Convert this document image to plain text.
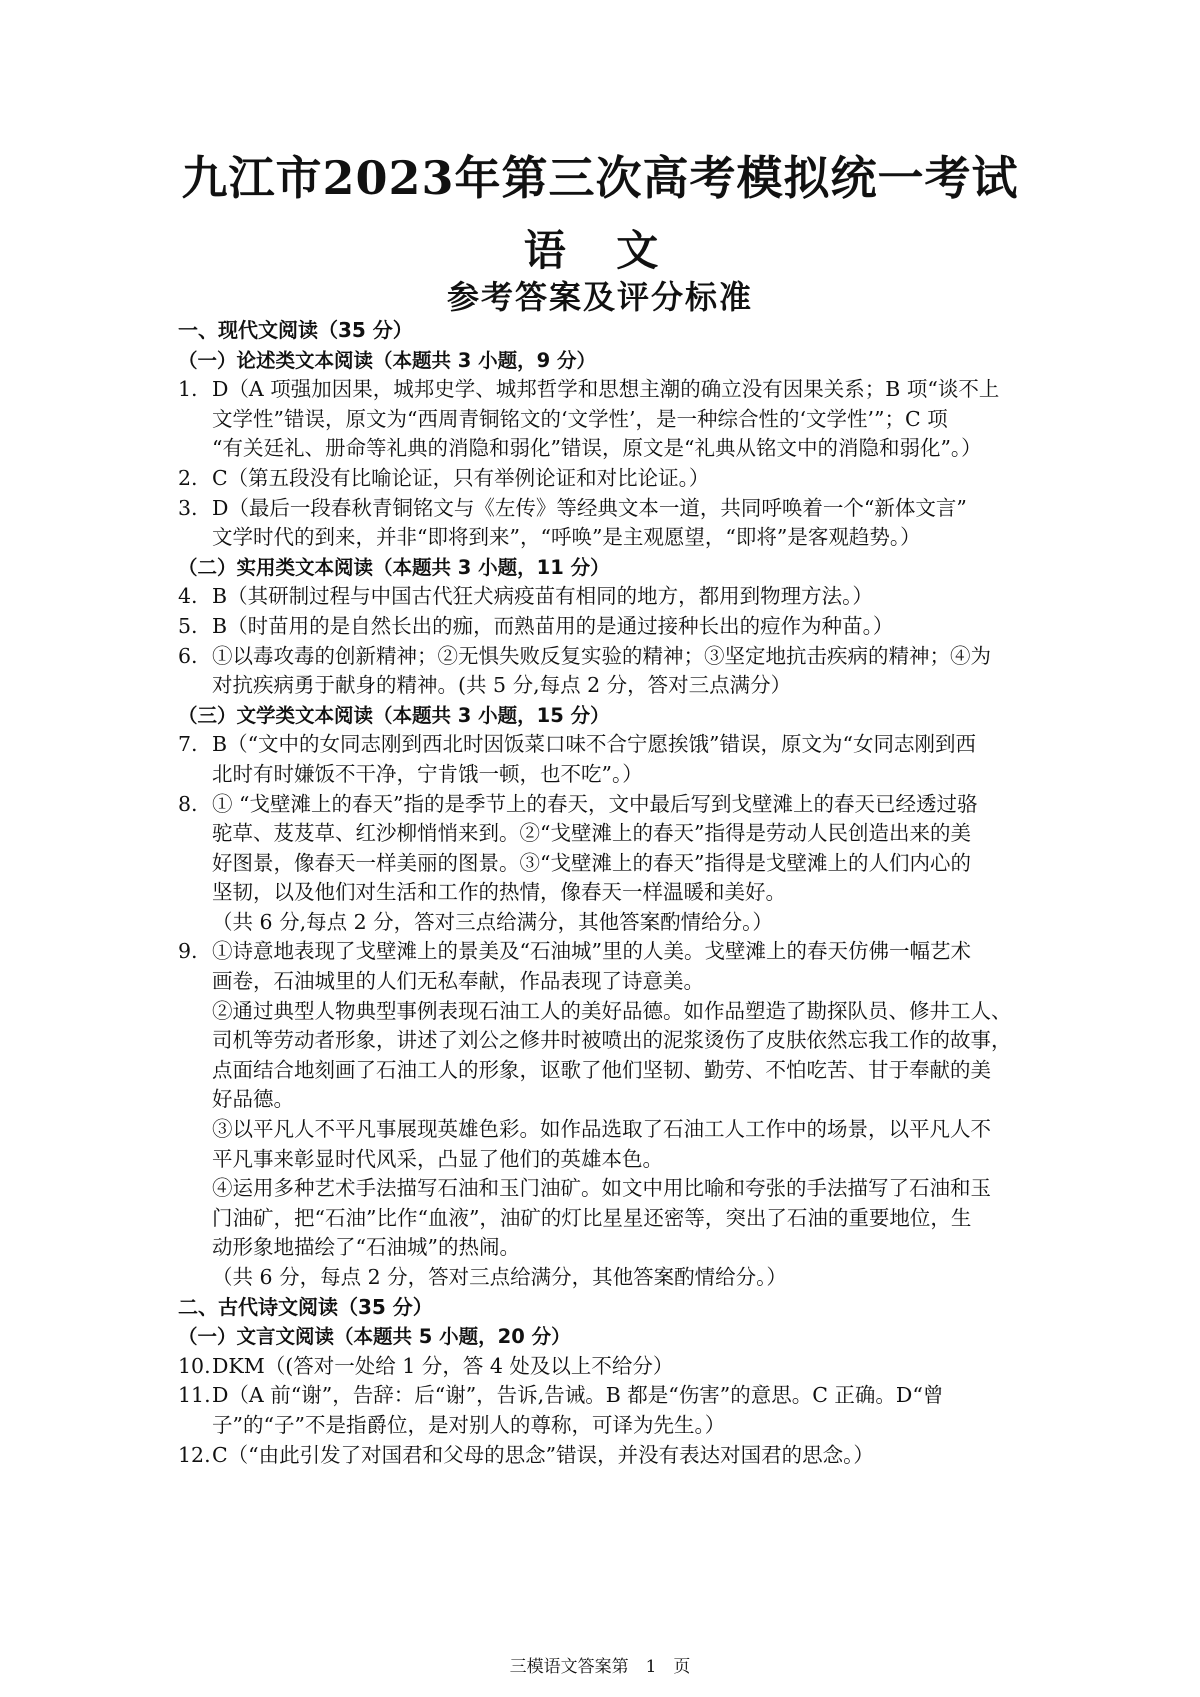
九江市2023年第三次高考模拟统一考试
语 文
参考答案及评分标准
一、现代文阅读（35 分）
（一）论述类文本阅读（本题共 3 小题，9 分）
1. D（A 项强加因果，城邦史学、城邦哲学和思想主潮的确立没有因果关系；B 项“谈不上
文学性”错误，原文为“西周青铜铭文的‘文学性’，是一种综合性的‘文学性’”；C 项
“有关廷礼、册命等礼典的消隐和弱化”错误，原文是“礼典从铭文中的消隐和弱化”。）
2. C（第五段没有比喻论证，只有举例论证和对比论证。）
3. D（最后一段春秋青铜铭文与《左传》等经典文本一道，共同呼唤着一个“新体文言”
文学时代的到来，并非“即将到来”，“呼唤”是主观愿望，“即将”是客观趋势。）
（二）实用类文本阅读（本题共 3 小题，11 分）
4. B（其研制过程与中国古代狂犬病疫苗有相同的地方，都用到物理方法。）
5. B（时苗用的是自然长出的痂，而熟苗用的是通过接种长出的痘作为种苗。）
6. ①以毒攻毒的创新精神；②无惧失败反复实验的精神；③坚定地抗击疾病的精神；④为
对抗疾病勇于献身的精神。(共 5 分,每点 2 分，答对三点满分）
（三）文学类文本阅读（本题共 3 小题，15 分）
7. B（“文中的女同志刚到西北时因饭菜口味不合宁愿挨饿”错误，原文为“女同志刚到西
北时有时嫌饭不干净，宁肯饿一顿，也不吃”。）
8. ① “戈壁滩上的春天”指的是季节上的春天，文中最后写到戈壁滩上的春天已经透过骆
驼草、芨芨草、红沙柳悄悄来到。②“戈壁滩上的春天”指得是劳动人民创造出来的美
好图景，像春天一样美丽的图景。③“戈壁滩上的春天”指得是戈壁滩上的人们内心的
坚韧，以及他们对生活和工作的热情，像春天一样温暖和美好。
（共 6 分,每点 2 分，答对三点给满分，其他答案酌情给分。）
9. ①诗意地表现了戈壁滩上的景美及“石油城”里的人美。戈壁滩上的春天仿佛一幅艺术
画卷，石油城里的人们无私奉献，作品表现了诗意美。
②通过典型人物典型事例表现石油工人的美好品德。如作品塑造了勘探队员、修井工人、
司机等劳动者形象，讲述了刘公之修井时被喷出的泥浆烫伤了皮肤依然忘我工作的故事，
点面结合地刻画了石油工人的形象，讴歌了他们坚韧、勤劳、不怕吃苦、甘于奉献的美
好品德。
③以平凡人不平凡事展现英雄色彩。如作品选取了石油工人工作中的场景，以平凡人不
平凡事来彰显时代风采，凸显了他们的英雄本色。
④运用多种艺术手法描写石油和玉门油矿。如文中用比喻和夸张的手法描写了石油和玉
门油矿，把“石油”比作“血液”，油矿的灯比星星还密等，突出了石油的重要地位，生
动形象地描绘了“石油城”的热闹。
（共 6 分，每点 2 分，答对三点给满分，其他答案酌情给分。）
二、古代诗文阅读（35 分）
（一）文言文阅读（本题共 5 小题，20 分）
10. DKM（(答对一处给 1 分，答 4 处及以上不给分）
11. D（A 前“谢”，告辞：后“谢”，告诉,告诫。B 都是“伤害”的意思。C 正确。D“曾
子”的“子”不是指爵位，是对别人的尊称，可译为先生。）
12. C（“由此引发了对国君和父母的思念”错误，并没有表达对国君的思念。）
三模语文答案第　1　页
